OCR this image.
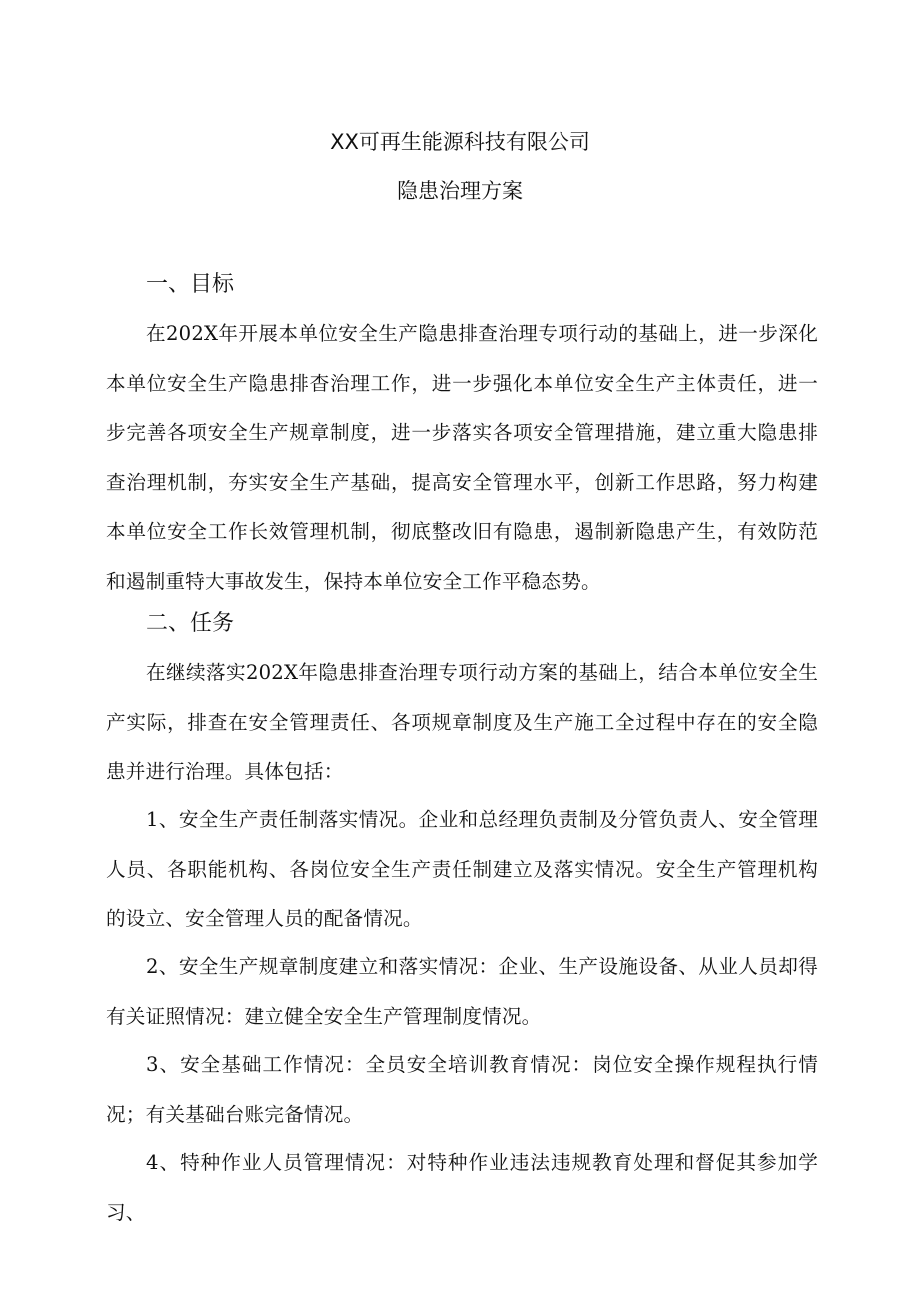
XX可再生能源科技有限公司
隐患治理方案
一、目标

在202X年开展本单位安全生产隐患排查治理专项行动的基础上，进一步深化本单位安全生产隐患排杳治理工作，进一步强化本单位安全生产主体责任，进一步完善各项安全生产规章制度，进一步落实各项安全管理措施，建立重大隐患排查治理机制，夯实安全生产基础，提高安全管理水平，创新工作思路，努力构建本单位安全工作长效管理机制，彻底整改旧有隐患，遏制新隐患产生，有效防范和遏制重特大事故发生，保持本单位安全工作平稳态势。

二、任务

在继续落实202X年隐患排查治理专项行动方案的基础上，结合本单位安全生产实际，排查在安全管理责任、各项规章制度及生产施工全过程中存在的安全隐患并进行治理。具体包括：

1、安全生产责任制落实情况。企业和总经理负责制及分管负责人、安全管理人员、各职能机构、各岗位安全生产责任制建立及落实情况。安全生产管理机构的设立、安全管理人员的配备情况。

2、安全生产规章制度建立和落实情况：企业、生产设施设备、从业人员却得有关证照情况：建立健全安全生产管理制度情况。

3、安全基础工作情况：全员安全培训教育情况：岗位安全操作规程执行情况；有关基础台账完备情况。

4、特种作业人员管理情况：对特种作业违法违规教育处理和督促其参加学习、
